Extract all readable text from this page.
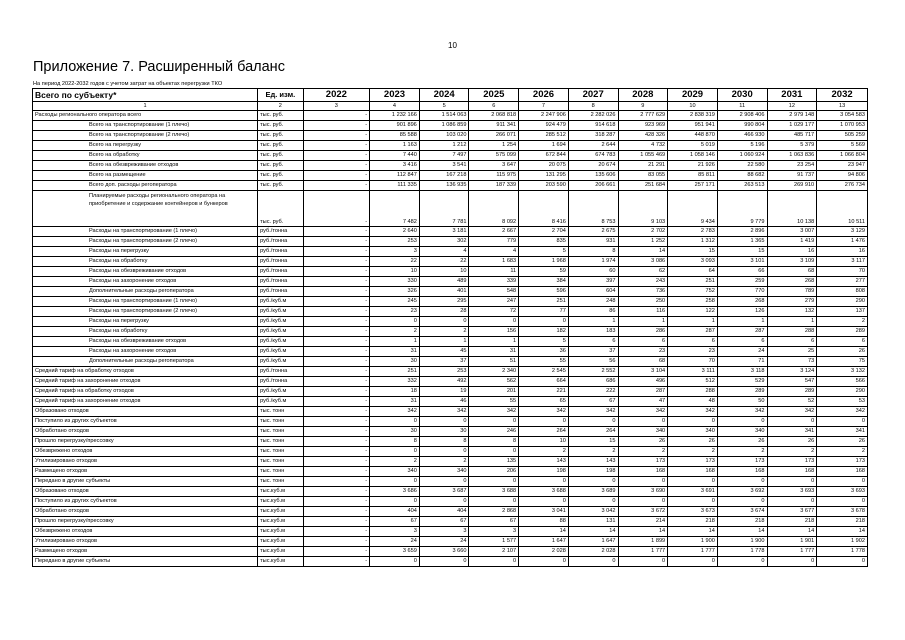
10
Приложение 7. Расширенный баланс
На период 2022-2032 годов с учетом затрат на объектах перегрузки ТКО
Всего по субъекту*	Ед. изм.	2022	2023	2024	2025	2026	2027	2028	2029	2030	2031	2032
1	2	3	4	5	6	7	8	9	10	11	12	13
Расходы регионального оператора всего	тыс. руб.	-	1 232 166	1 514 063	2 068 818	2 247 906	2 282 026	2 777 629	2 838 319	2 908 406	2 979 148	3 054 583
Всего на транспортирование (1 плечо)	тыс. руб.	-	901 896	1 086 859	911 341	924 479	914 618	923 969	951 941	990 804	1 029 177	1 070 953
Всего на транспортирование (2 плечо)	тыс. руб.	-	85 588	103 020	266 071	285 512	318 287	428 326	448 870	466 930	485 717	505 259
Всего на перегрузку	тыс. руб.	-	1 163	1 212	1 254	1 694	2 644	4 732	5 019	5 196	5 379	5 569
Всего на обработку	тыс. руб.	-	7 440	7 497	575 099	672 844	674 783	1 055 469	1 058 146	1 060 924	1 063 836	1 066 804
Всего на обезвреживание отходов	тыс. руб.	-	3 416	3 541	3 647	20 075	20 674	21 291	21 926	22 580	23 254	23 947
Всего на размещение	тыс. руб.	-	112 847	167 218	115 975	131 295	135 606	83 055	85 811	88 682	91 737	94 806
Всего доп. расходы регоператора	тыс. руб.	-	111 335	136 935	187 339	203 590	206 661	251 684	257 171	263 513	269 910	276 734
Планируемые расходы регионального оператора на приобретение и содержание контейнеров и бункеров	тыс. руб.	-	7 482	7 781	8 092	8 416	8 753	9 103	9 434	9 779	10 138	10 511
Расходы на транспортирование (1 плечо)	руб./тонна	-	2 640	3 181	2 667	2 704	2 675	2 702	2 783	2 896	3 007	3 129
Расходы на транспортирование (2 плечо)	руб./тонна	-	253	302	779	835	931	1 252	1 312	1 365	1 419	1 476
Расходы на перегрузку	руб./тонна	-	3	4	4	5	8	14	15	15	16	16
Расходы на обработку	руб./тонна	-	22	22	1 683	1 968	1 974	3 086	3 093	3 101	3 109	3 117
Расходы на обезвреживание отходов	руб./тонна	-	10	10	11	59	60	62	64	66	68	70
Расходы на захоронение отходов	руб./тонна	-	330	489	339	384	397	243	251	259	268	277
Дополнительные расходы регоператора	руб./тонна	-	326	401	548	596	604	736	752	770	789	808
Расходы на транспортирование (1 плечо)	руб./куб.м	-	245	295	247	251	248	250	258	268	279	290
Расходы на транспортирование (2 плечо)	руб./куб.м	-	23	28	72	77	86	116	122	126	132	137
Расходы на перегрузку	руб./куб.м	-	0	0	0	0	1	1	1	1	1	2
Расходы на обработку	руб./куб.м	-	2	2	156	182	183	286	287	287	288	289
Расходы на обезвреживание отходов	руб./куб.м	-	1	1	1	5	6	6	6	6	6	6
Расходы на захоронение отходов	руб./куб.м	-	31	45	31	36	37	23	23	24	25	26
Дополнительные расходы регоператора	руб./куб.м	-	30	37	51	55	56	68	70	71	73	75
Средний тариф на обработку отходов	руб./тонна	-	251	253	2 340	2 545	2 552	3 104	3 111	3 118	3 124	3 132
Средний тариф на захоронение отходов	руб./тонна	-	332	492	562	664	686	496	512	529	547	566
Средний тариф на обработку отходов	руб./куб.м	-	18	19	201	221	222	287	288	289	289	290
Средний тариф на захоронение отходов	руб./куб.м	-	31	46	55	65	67	47	48	50	52	53
Образовано отходов	тыс. тонн	-	342	342	342	342	342	342	342	342	342	342
Поступило из других субъектов	тыс. тонн	-	0	0	0	0	0	0	0	0	0	0
Обработано отходов	тыс. тонн	-	30	30	246	264	264	340	340	340	341	341
Прошло перегрузку/прессовку	тыс. тонн	-	8	8	8	10	15	26	26	26	26	26
Обезврежено отходов	тыс. тонн	-	0	0	0	2	2	2	2	2	2	2
Утилизировано отходов	тыс. тонн	-	2	2	135	143	143	173	173	173	173	173
Размещено отходов	тыс. тонн	-	340	340	206	198	198	168	168	168	168	168
Передано в другие субъекты	тыс. тонн	-	0	0	0	0	0	0	0	0	0	0
Образовано отходов	тыс.куб.м	-	3 686	3 687	3 688	3 688	3 689	3 690	3 691	3 692	3 693	3 693
Поступило из других субъектов	тыс.куб.м	-	0	0	0	0	0	0	0	0	0	0
Обработано отходов	тыс.куб.м	-	404	404	2 868	3 041	3 042	3 672	3 673	3 674	3 677	3 678
Прошло перегрузку/прессовку	тыс.куб.м	-	67	67	67	88	131	214	218	218	218	218
Обезврежено отходов	тыс.куб.м	-	3	3	3	14	14	14	14	14	14	14
Утилизировано отходов	тыс.куб.м	-	24	24	1 577	1 647	1 647	1 899	1 900	1 900	1 901	1 902
Размещено отходов	тыс.куб.м	-	3 659	3 660	2 107	2 028	2 028	1 777	1 777	1 778	1 777	1 778
Передано в другие субъекты	тыс.куб.м	-	0	0	0	0	0	0	0	0	0	0
